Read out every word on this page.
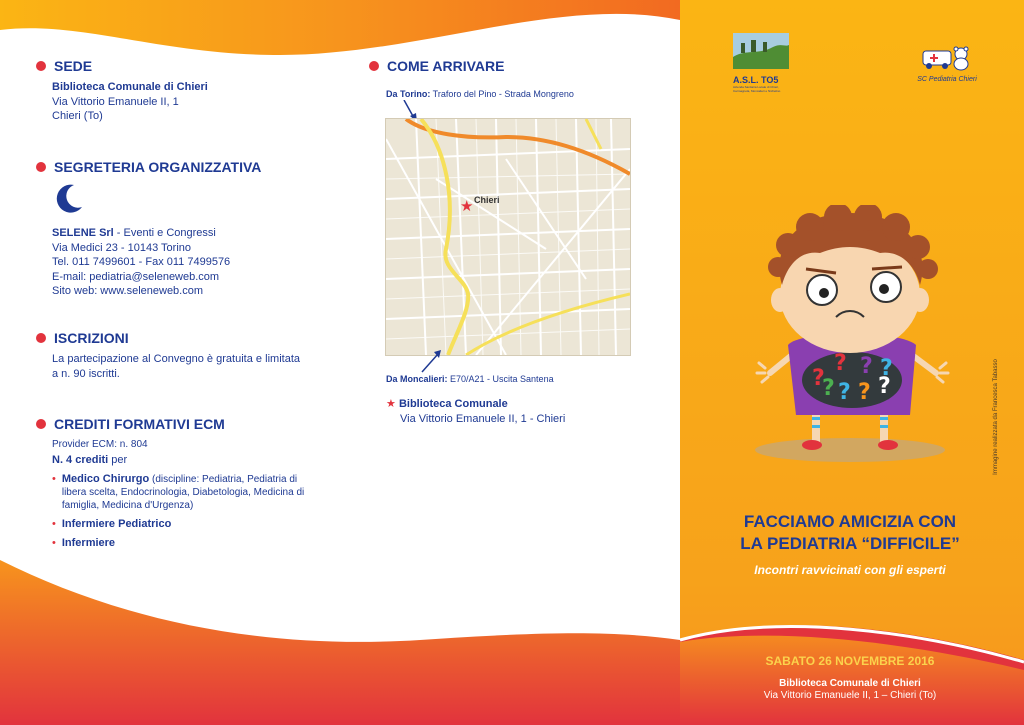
SEDE
Biblioteca Comunale di Chieri
Via Vittorio Emanuele II, 1
Chieri (To)
SEGRETERIA ORGANIZZATIVA
SELENE Srl - Eventi e Congressi
Via Medici 23 - 10143 Torino
Tel. 011 7499601 - Fax 011 7499576
E-mail: pediatria@seleneweb.com
Sito web: www.seleneweb.com
ISCRIZIONI
La partecipazione al Convegno è gratuita e limitata a n. 90 iscritti.
CREDITI FORMATIVI ECM
Provider ECM: n. 804
N. 4 crediti per
• Medico Chirurgo (discipline: Pediatria, Pediatria di libera scelta, Endocrinologia, Diabetologia, Medicina di famiglia, Medicina d'Urgenza)
• Infermiere Pediatrico
• Infermiere
COME ARRIVARE
Da Torino: Traforo del Pino - Strada Mongreno
Chieri
★
Da Moncalieri: E70/A21 - Uscita Santena
★ Biblioteca Comunale
Via Vittorio Emanuele II, 1 - Chieri
A.S.L. TO5
Azienda Sanitaria Locale di Chieri, Carmagnola, Moncalieri e Nichelino
SC Pediatria Chieri
? ?
?
? ? ?
?
?	Immagine realizzata da Francesca Tabasso
FACCIAMO AMICIZIA CON
LA PEDIATRIA “DIFFICILE”
Incontri ravvicinati con gli esperti
SABATO 26 NOVEMBRE 2016
Biblioteca Comunale di Chieri
Via Vittorio Emanuele II, 1 – Chieri (To)
